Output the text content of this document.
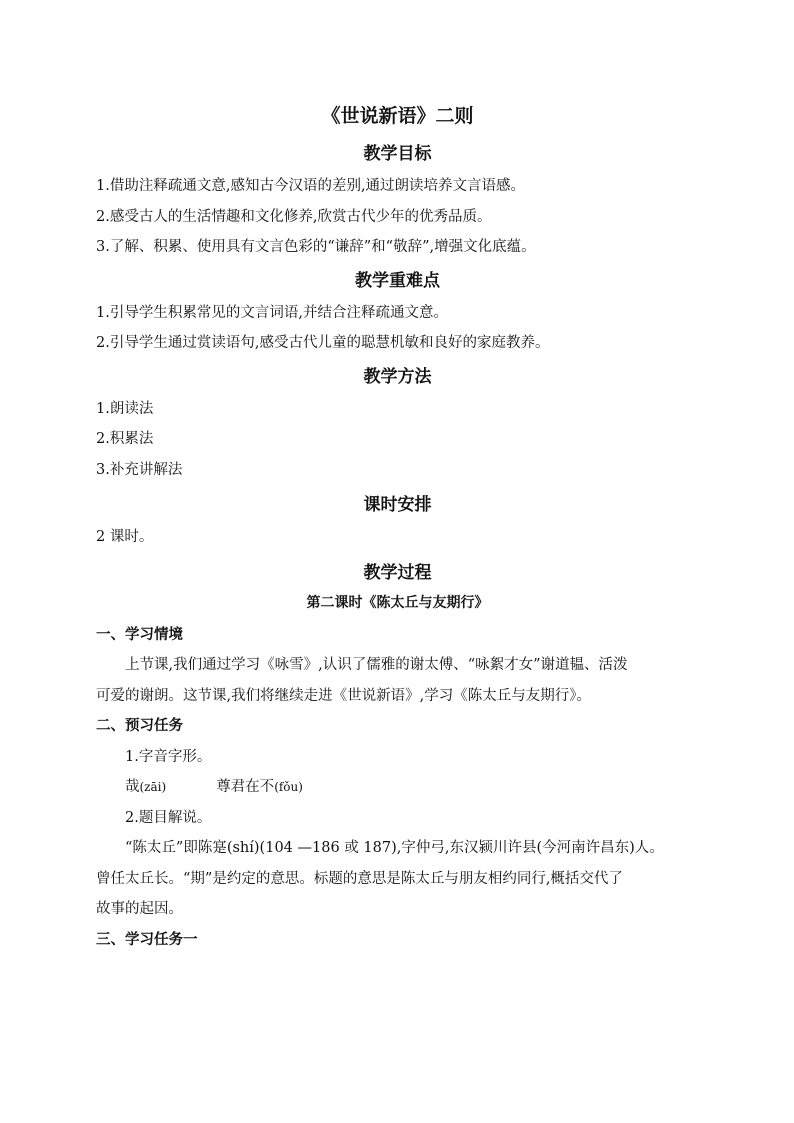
《世说新语》二则
教学目标

1.借助注释疏通文意,感知古今汉语的差别,通过朗读培养文言语感。

2.感受古人的生活情趣和文化修养,欣赏古代少年的优秀品质。

3.了解、积累、使用具有文言色彩的“谦辞”和“敬辞”,增强文化底蕴。

教学重难点

1.引导学生积累常见的文言词语,并结合注释疏通文意。

2.引导学生通过赏读语句,感受古代儿童的聪慧机敏和良好的家庭教养。

教学方法

1.朗读法

2.积累法

3.补充讲解法

课时安排

2 课时。

教学过程
第二课时《陈太丘与友期行》

一、学习情境

上节课,我们通过学习《咏雪》,认识了儒雅的谢太傅、“咏絮才女”谢道韫、活泼

可爱的谢朗。这节课,我们将继续走进《世说新语》,学习《陈太丘与友期行》。

二、预习任务

1.字音字形。

哉(zāi)	尊君在不(fǒu)

2.题目解说。

“陈太丘”即陈寔(shí)(104 —186 或 187),字仲弓,东汉颍川许县(今河南许昌东)人。

曾任太丘长。“期”是约定的意思。标题的意思是陈太丘与朋友相约同行,概括交代了

故事的起因。

三、学习任务一
